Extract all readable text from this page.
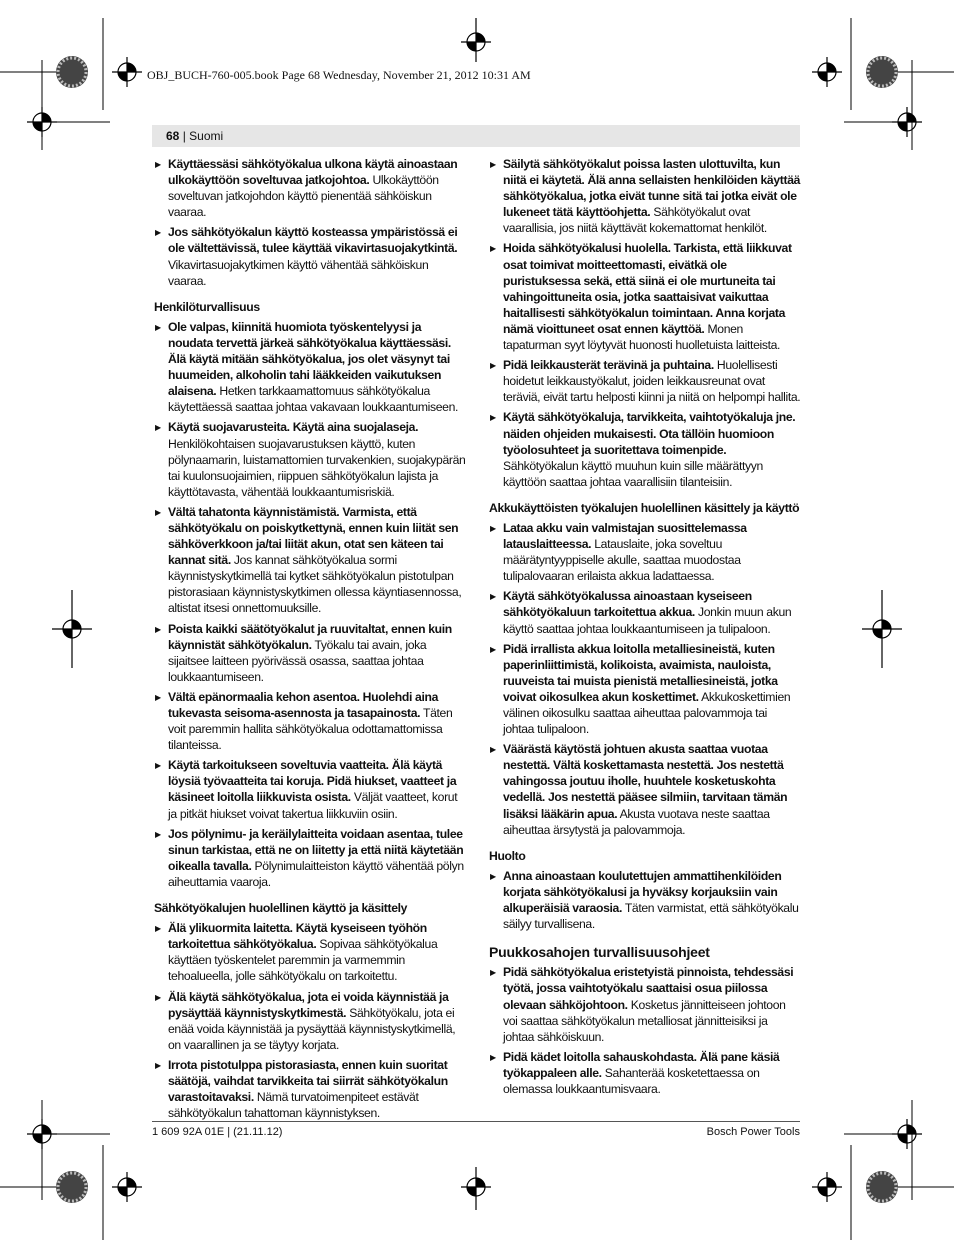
OBJ_BUCH-760-005.book Page 68 Wednesday, November 21, 2012 10:31 AM
68 | Suomi
▶ Käyttäessäsi sähkötyökalua ulkona käytä ainoastaan ulkokäyttöön soveltuvaa jatkojohtoa. Ulkokäyttöön soveltuvan jatkojohdon käyttö pienentää sähköiskun vaaraa.
▶ Jos sähkötyökalun käyttö kosteassa ympäristössä ei ole vältettävissä, tulee käyttää vikavirtasuojakytkintä. Vikavirtasuojakytkimen käyttö vähentää sähköiskun vaaraa.
Henkilöturvallisuus
▶ Ole valpas, kiinnitä huomiota työskentelyysi ja noudata tervettä järkeä sähkötyökalua käyttäessäsi. Älä käytä mitään sähkötyökalua, jos olet väsynyt tai huumeiden, alkoholin tahi lääkkeiden vaikutuksen alaisena. Hetken tarkkaamattomuus sähkötyökalua käytettäessä saattaa johtaa vakavaan loukkaantumiseen.
▶ Käytä suojavarusteita. Käytä aina suojalaseja. Henkilökohtaisen suojavarustuksen käyttö, kuten pölynaamarin, luistamattomien turvakenkien, suojakypärän tai kuulonsuojaimien, riippuen sähkötyökalun lajista ja käyttötavasta, vähentää loukkaantumisriskiä.
▶ Vältä tahatonta käynnistämistä. Varmista, että sähkötyökalu on poiskytkettynä, ennen kuin liität sen sähköverkkoon ja/tai liität akun, otat sen käteen tai kannat sitä. Jos kannat sähkötyökalua sormi käynnistyskytkimellä tai kytket sähkötyökalun pistotulpan pistorasiaan käynnistyskytkimen ollessa käyntiasennossa, altistat itsesi onnettomuuksille.
▶ Poista kaikki säätötyökalut ja ruuvitaltat, ennen kuin käynnistät sähkötyökalun. Työkalu tai avain, joka sijaitsee laitteen pyörivässä osassa, saattaa johtaa loukkaantumiseen.
▶ Vältä epänormaalia kehon asentoa. Huolehdi aina tukevasta seisoma-asennosta ja tasapainosta. Täten voit paremmin hallita sähkötyökalua odottamattomissa tilanteissa.
▶ Käytä tarkoitukseen soveltuvia vaatteita. Älä käytä löysiä työvaatteita tai koruja. Pidä hiukset, vaatteet ja käsineet loitolla liikkuvista osista. Väljät vaatteet, korut ja pitkät hiukset voivat takertua liikkuviin osiin.
▶ Jos pölynimu- ja keräilylaitteita voidaan asentaa, tulee sinun tarkistaa, että ne on liitetty ja että niitä käytetään oikealla tavalla. Pölynimulaitteiston käyttö vähentää pölyn aiheuttamia vaaroja.
Sähkötyökalujen huolellinen käyttö ja käsittely
▶ Älä ylikuormita laitetta. Käytä kyseiseen työhön tarkoitettua sähkötyökalua. Sopivaa sähkötyökalua käyttäen työskentelet paremmin ja varmemmin tehoalueella, jolle sähkötyökalu on tarkoitettu.
▶ Älä käytä sähkötyökalua, jota ei voida käynnistää ja pysäyttää käynnistyskytkimestä. Sähkötyökalu, jota ei enää voida käynnistää ja pysäyttää käynnistyskytkimellä, on vaarallinen ja se täytyy korjata.
▶ Irrota pistotulppa pistorasiasta, ennen kuin suoritat säätöjä, vaihdat tarvikkeita tai siirrät sähkötyökalun varastoitavaksi. Nämä turvatoimenpiteet estävät sähkötyökalun tahattoman käynnistyksen.
▶ Säilytä sähkötyökalut poissa lasten ulottuvilta, kun niitä ei käytetä. Älä anna sellaisten henkilöiden käyttää sähkötyökalua, jotka eivät tunne sitä tai jotka eivät ole lukeneet tätä käyttöohjetta. Sähkötyökalut ovat vaarallisia, jos niitä käyttävät kokemattomat henkilöt.
▶ Hoida sähkötyökalusi huolella. Tarkista, että liikkuvat osat toimivat moitteettomasti, eivätkä ole puristuksessa sekä, että siinä ei ole murtuneita tai vahingoittuneita osia, jotka saattaisivat vaikuttaa haitallisesti sähkötyökalun toimintaan. Anna korjata nämä vioittuneet osat ennen käyttöä. Monen tapaturman syyt löytyvät huonosti huolletuista laitteista.
▶ Pidä leikkausterät terävinä ja puhtaina. Huolellisesti hoidetut leikkaustyökalut, joiden leikkausreunat ovat teräviä, eivät tartu helposti kiinni ja niitä on helpompi hallita.
▶ Käytä sähkötyökaluja, tarvikkeita, vaihtotyökaluja jne. näiden ohjeiden mukaisesti. Ota tällöin huomioon työolosuhteet ja suoritettava toimenpide. Sähkötyökalun käyttö muuhun kuin sille määrättyyn käyttöön saattaa johtaa vaarallisiin tilanteisiin.
Akkukäyttöisten työkalujen huolellinen käsittely ja käyttö
▶ Lataa akku vain valmistajan suosittelemassa latauslaitteessa. Latauslaite, joka soveltuu määrätyntyyppiselle akulle, saattaa muodostaa tulipalovaaran erilaista akkua ladattaessa.
▶ Käytä sähkötyökalussa ainoastaan kyseiseen sähkötyökaluun tarkoitettua akkua. Jonkin muun akun käyttö saattaa johtaa loukkaantumiseen ja tulipaloon.
▶ Pidä irrallista akkua loitolla metalliesineistä, kuten paperinliittimistä, kolikoista, avaimista, nauloista, ruuveista tai muista pienistä metalliesineistä, jotka voivat oikosulkea akun koskettimet. Akkukoskettimien välinen oikosulku saattaa aiheuttaa palovammoja tai johtaa tulipaloon.
▶ Väärästä käytöstä johtuen akusta saattaa vuotaa nestettä. Vältä koskettamasta nestettä. Jos nestettä vahingossa joutuu iholle, huuhtele kosketuskohta vedellä. Jos nestettä pääsee silmiin, tarvitaan tämän lisäksi lääkärin apua. Akusta vuotava neste saattaa aiheuttaa ärsytystä ja palovammoja.
Huolto
▶ Anna ainoastaan koulutettujen ammattihenkilöiden korjata sähkötyökalusi ja hyväksy korjauksiin vain alkuperäisiä varaosia. Täten varmistat, että sähkötyökalu säilyy turvallisena.
Puukkosahojen turvallisuusohjeet
▶ Pidä sähkötyökalua eristetyistä pinnoista, tehdessäsi työtä, jossa vaihtotyökalu saattaisi osua piilossa olevaan sähköjohtoon. Kosketus jännitteiseen johtoon voi saattaa sähkötyökalun metalliosat jännitteisiksi ja johtaa sähköiskuun.
▶ Pidä kädet loitolla sahauskohdasta. Älä pane käsiä työkappaleen alle. Sahanterää kosketettaessa on olemassa loukkaantumisvaara.
1 609 92A 01E | (21.11.12)	Bosch Power Tools
